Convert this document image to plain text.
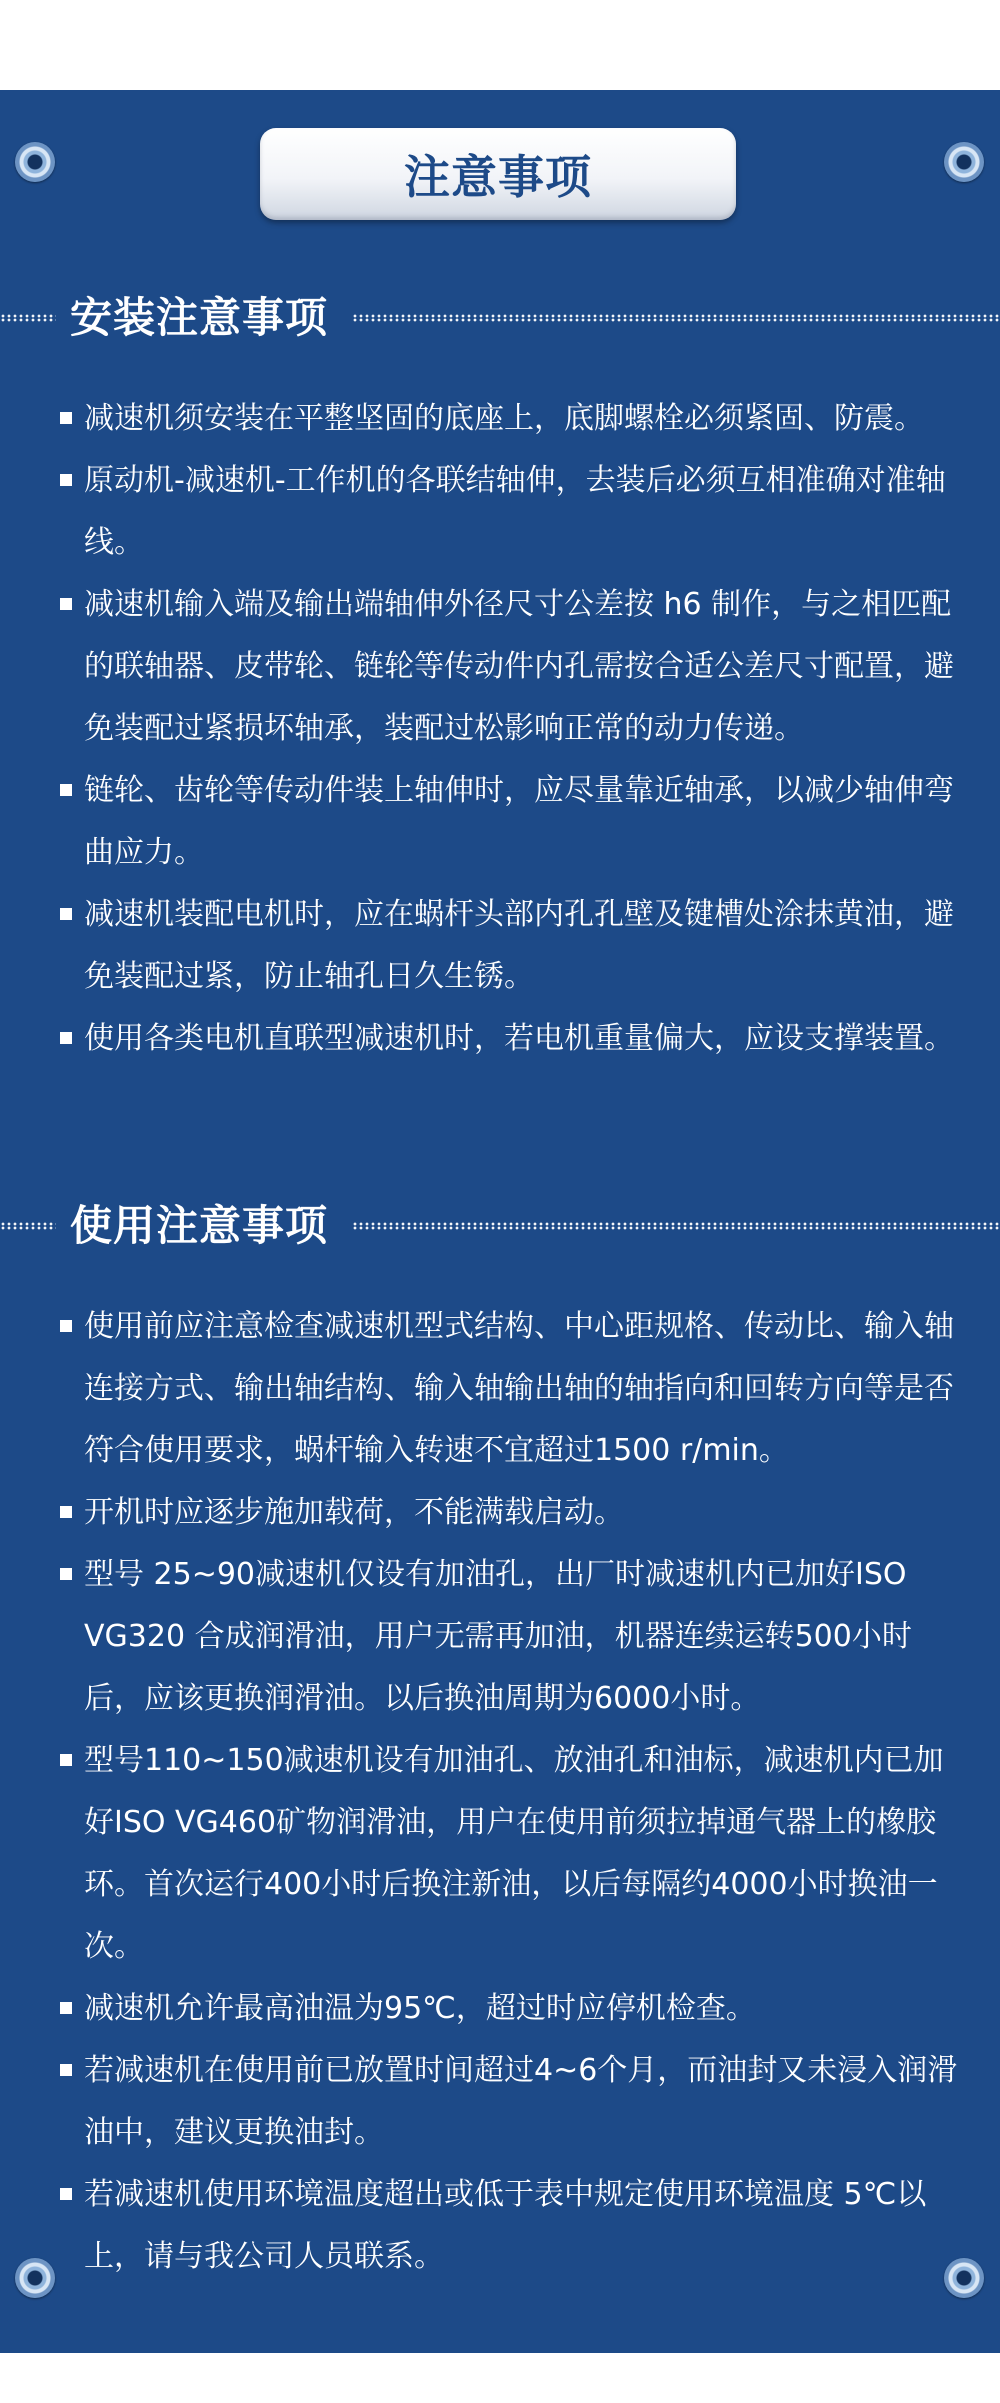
注意事项
安装注意事项
减速机须安装在平整坚固的底座上，底脚螺栓必须紧固、防震。
原动机-减速机-工作机的各联结轴伸，去装后必须互相准确对准轴线。
减速机输入端及输出端轴伸外径尺寸公差按 h6 制作，与之相匹配的联轴器、皮带轮、链轮等传动件内孔需按合适公差尺寸配置，避免装配过紧损坏轴承，装配过松影响正常的动力传递。
链轮、齿轮等传动件装上轴伸时，应尽量靠近轴承，以减少轴伸弯曲应力。
减速机装配电机时，应在蜗杆头部内孔孔壁及键槽处涂抹黄油，避免装配过紧，防止轴孔日久生锈。
使用各类电机直联型减速机时，若电机重量偏大，应设支撑装置。
使用注意事项
使用前应注意检查减速机型式结构、中心距规格、传动比、输入轴连接方式、输出轴结构、输入轴输出轴的轴指向和回转方向等是否符合使用要求，蜗杆输入转速不宜超过1500 r/min。
开机时应逐步施加载荷，不能满载启动。
型号 25~90减速机仅设有加油孔，出厂时减速机内已加好ISO VG320 合成润滑油，用户无需再加油，机器连续运转500小时后，应该更换润滑油。以后换油周期为6000小时。
型号110~150减速机设有加油孔、放油孔和油标，减速机内已加好ISO VG460矿物润滑油，用户在使用前须拉掉通气器上的橡胶环。首次运行400小时后换注新油，以后每隔约4000小时换油一次。
减速机允许最高油温为95℃，超过时应停机检查。
若减速机在使用前已放置时间超过4~6个月，而油封又未浸入润滑油中，建议更换油封。
若减速机使用环境温度超出或低于表中规定使用环境温度 5℃以上，请与我公司人员联系。
